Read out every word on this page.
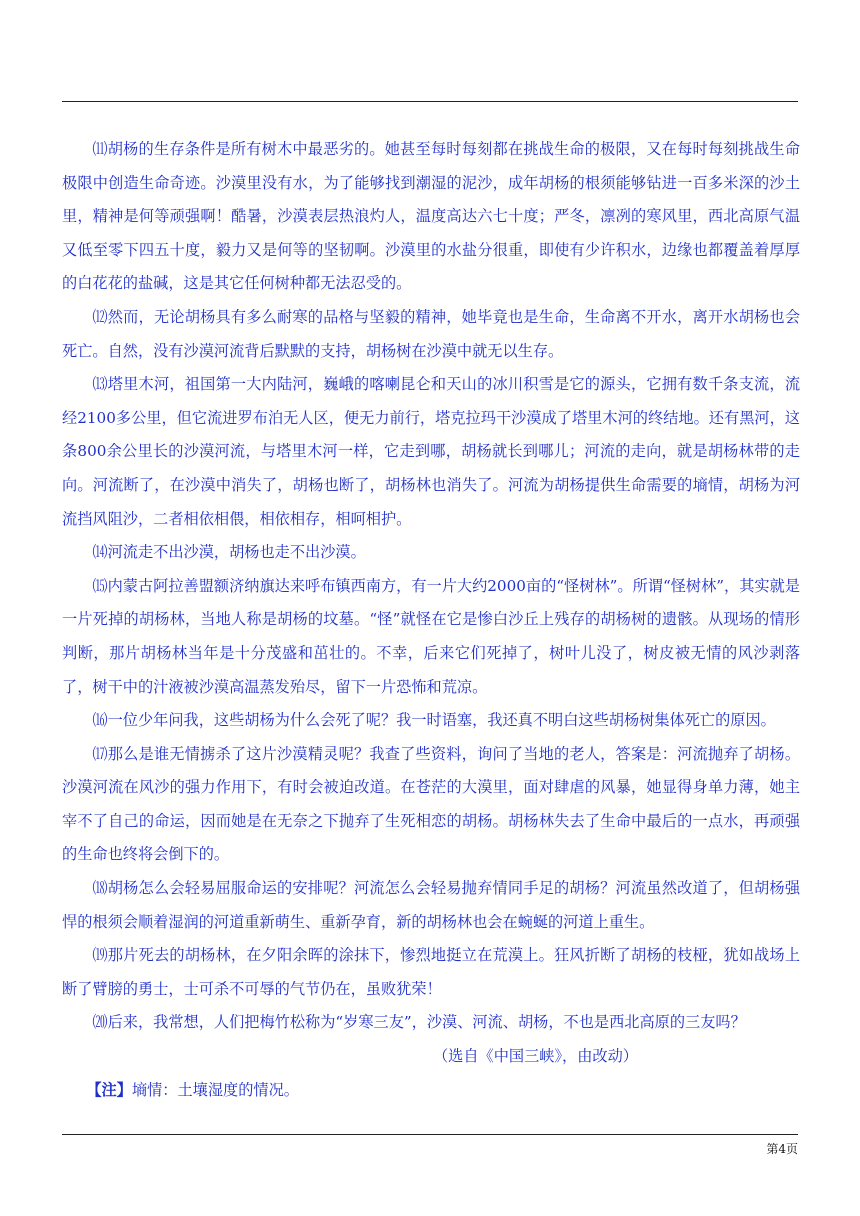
⑾胡杨的生存条件是所有树木中最恶劣的。她甚至每时每刻都在挑战生命的极限，又在每时每刻挑战生命极限中创造生命奇迹。沙漠里没有水，为了能够找到潮湿的泥沙，成年胡杨的根须能够钻进一百多米深的沙土里，精神是何等顽强啊！酷暑，沙漠表层热浪灼人，温度高达六七十度；严冬，凛冽的寒风里，西北高原气温又低至零下四五十度，毅力又是何等的坚韧啊。沙漠里的水盐分很重，即使有少许积水，边缘也都覆盖着厚厚的白花花的盐碱，这是其它任何树种都无法忍受的。

⑿然而，无论胡杨具有多么耐寒的品格与坚毅的精神，她毕竟也是生命，生命离不开水，离开水胡杨也会死亡。自然，没有沙漠河流背后默默的支持，胡杨树在沙漠中就无以生存。

⒀塔里木河，祖国第一大内陆河，巍峨的喀喇昆仑和天山的冰川积雪是它的源头，它拥有数千条支流，流经2100多公里，但它流进罗布泊无人区，便无力前行，塔克拉玛干沙漠成了塔里木河的终结地。还有黑河，这条800余公里长的沙漠河流，与塔里木河一样，它走到哪，胡杨就长到哪儿；河流的走向，就是胡杨林带的走向。河流断了，在沙漠中消失了，胡杨也断了，胡杨林也消失了。河流为胡杨提供生命需要的墒情，胡杨为河流挡风阻沙，二者相依相偎，相依相存，相呵相护。

⒁河流走不出沙漠，胡杨也走不出沙漠。

⒂内蒙古阿拉善盟额济纳旗达来呼布镇西南方，有一片大约2000亩的“怪树林”。所谓“怪树林”，其实就是一片死掉的胡杨林，当地人称是胡杨的坟墓。“怪”就怪在它是惨白沙丘上残存的胡杨树的遗骸。从现场的情形判断，那片胡杨林当年是十分茂盛和茁壮的。不幸，后来它们死掉了，树叶儿没了，树皮被无情的风沙剥落了，树干中的汁液被沙漠高温蒸发殆尽，留下一片恐怖和荒凉。

⒃一位少年问我，这些胡杨为什么会死了呢？我一时语塞，我还真不明白这些胡杨树集体死亡的原因。

⒄那么是谁无情掳杀了这片沙漠精灵呢？我查了些资料，询问了当地的老人，答案是：河流抛弃了胡杨。沙漠河流在风沙的强力作用下，有时会被迫改道。在苍茫的大漠里，面对肆虐的风暴，她显得身单力薄，她主宰不了自己的命运，因而她是在无奈之下抛弃了生死相恋的胡杨。胡杨林失去了生命中最后的一点水，再顽强的生命也终将会倒下的。

⒅胡杨怎么会轻易屈服命运的安排呢？河流怎么会轻易抛弃情同手足的胡杨？河流虽然改道了，但胡杨强悍的根须会顺着湿润的河道重新萌生、重新孕育，新的胡杨林也会在蜿蜒的河道上重生。

⒆那片死去的胡杨林，在夕阳余晖的涂抹下，惨烈地挺立在荒漠上。狂风折断了胡杨的枝桠，犹如战场上断了臂膀的勇士，士可杀不可辱的气节仍在，虽败犹荣！

⒇后来，我常想，人们把梅竹松称为“岁寒三友”，沙漠、河流、胡杨，不也是西北高原的三友吗？

（选自《中国三峡》，由改动）

【注】墒情：土壤湿度的情况。

第4页
